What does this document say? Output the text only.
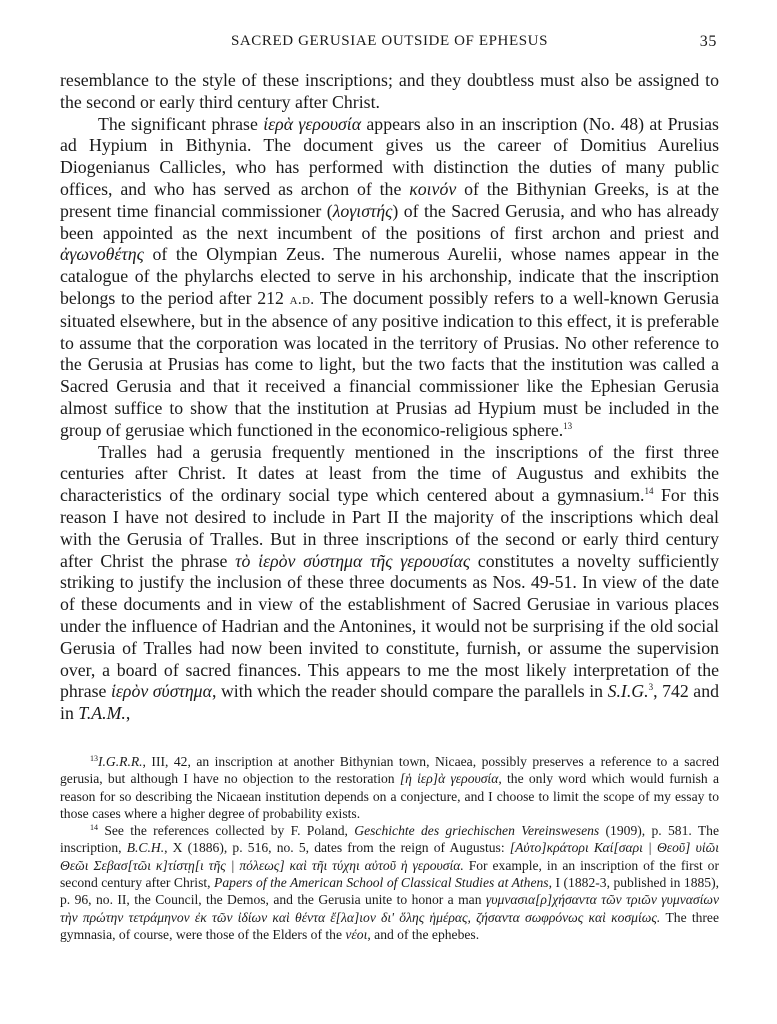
SACRED GERUSIAE OUTSIDE OF EPHESUS	35

resemblance to the style of these inscriptions; and they doubtless must also be assigned to the second or early third century after Christ.

The significant phrase ἱερὰ γερουσία appears also in an inscription (No. 48) at Prusias ad Hypium in Bithynia. The document gives us the career of Domitius Aurelius Diogenianus Callicles, who has performed with distinction the duties of many public offices, and who has served as archon of the κοινόν of the Bithynian Greeks, is at the present time financial commissioner (λογιστής) of the Sacred Gerusia, and who has already been appointed as the next incumbent of the positions of first archon and priest and ἀγωνοθέτης of the Olympian Zeus. The numerous Aurelii, whose names appear in the catalogue of the phylarchs elected to serve in his archonship, indicate that the inscription belongs to the period after 212 a.d. The document possibly refers to a well-known Gerusia situated elsewhere, but in the absence of any positive indication to this effect, it is preferable to assume that the corporation was located in the territory of Prusias. No other reference to the Gerusia at Prusias has come to light, but the two facts that the institution was called a Sacred Gerusia and that it received a financial commissioner like the Ephesian Gerusia almost suffice to show that the institution at Prusias ad Hypium must be included in the group of gerusiae which functioned in the economico-religious sphere.$^{13}$

Tralles had a gerusia frequently mentioned in the inscriptions of the first three centuries after Christ. It dates at least from the time of Augustus and exhibits the characteristics of the ordinary social type which centered about a gymnasium.$^{14}$ For this reason I have not desired to include in Part II the majority of the inscriptions which deal with the Gerusia of Tralles. But in three inscriptions of the second or early third century after Christ the phrase τὸ ἱερὸν σύστημα τῆς γερουσίας constitutes a novelty sufficiently striking to justify the inclusion of these three documents as Nos. 49-51. In view of the date of these documents and in view of the establishment of Sacred Gerusiae in various places under the influence of Hadrian and the Antonines, it would not be surprising if the old social Gerusia of Tralles had now been invited to constitute, furnish, or assume the supervision over, a board of sacred finances. This appears to me the most likely interpretation of the phrase ἱερὸν σύστημα, with which the reader should compare the parallels in S.I.G.$^3$, 742 and in T.A.M.,

$^{13}$I.G.R.R., III, 42, an inscription at another Bithynian town, Nicaea, possibly preserves a reference to a sacred gerusia, but although I have no objection to the restoration [ἡ ἱερ]ὰ γερουσία, the only word which would furnish a reason for so describing the Nicaean institution depends on a conjecture, and I choose to limit the scope of my essay to those cases where a higher degree of probability exists.

$^{14}$ See the references collected by F. Poland, Geschichte des griechischen Vereinswesens (1909), p. 581. The inscription, B.C.H., X (1886), p. 516, no. 5, dates from the reign of Augustus: [Αὐτο]κράτορι Καί[σαρι | Θεοῦ] υἱῶι Θεῶι Σεβασ[τῶι κ]τίστῃ[ι τῆς | πόλεως] καὶ τῆι τύχηι αὐτοῦ ἡ γερουσία. For example, in an inscription of the first or second century after Christ, Papers of the American School of Classical Studies at Athens, I (1882-3, published in 1885), p. 96, no. II, the Council, the Demos, and the Gerusia unite to honor a man γυμνασια[ρ]χήσαντα τῶν τριῶν γυμνασίων τὴν πρώτην τετράμηνον ἐκ τῶν ἰδίων καὶ θέντα ἔ[λα]ιον δι' ὅλης ἡμέρας, ζήσαντα σωφρόνως καὶ κοσμίως. The three gymnasia, of course, were those of the Elders of the νέοι, and of the ephebes.
